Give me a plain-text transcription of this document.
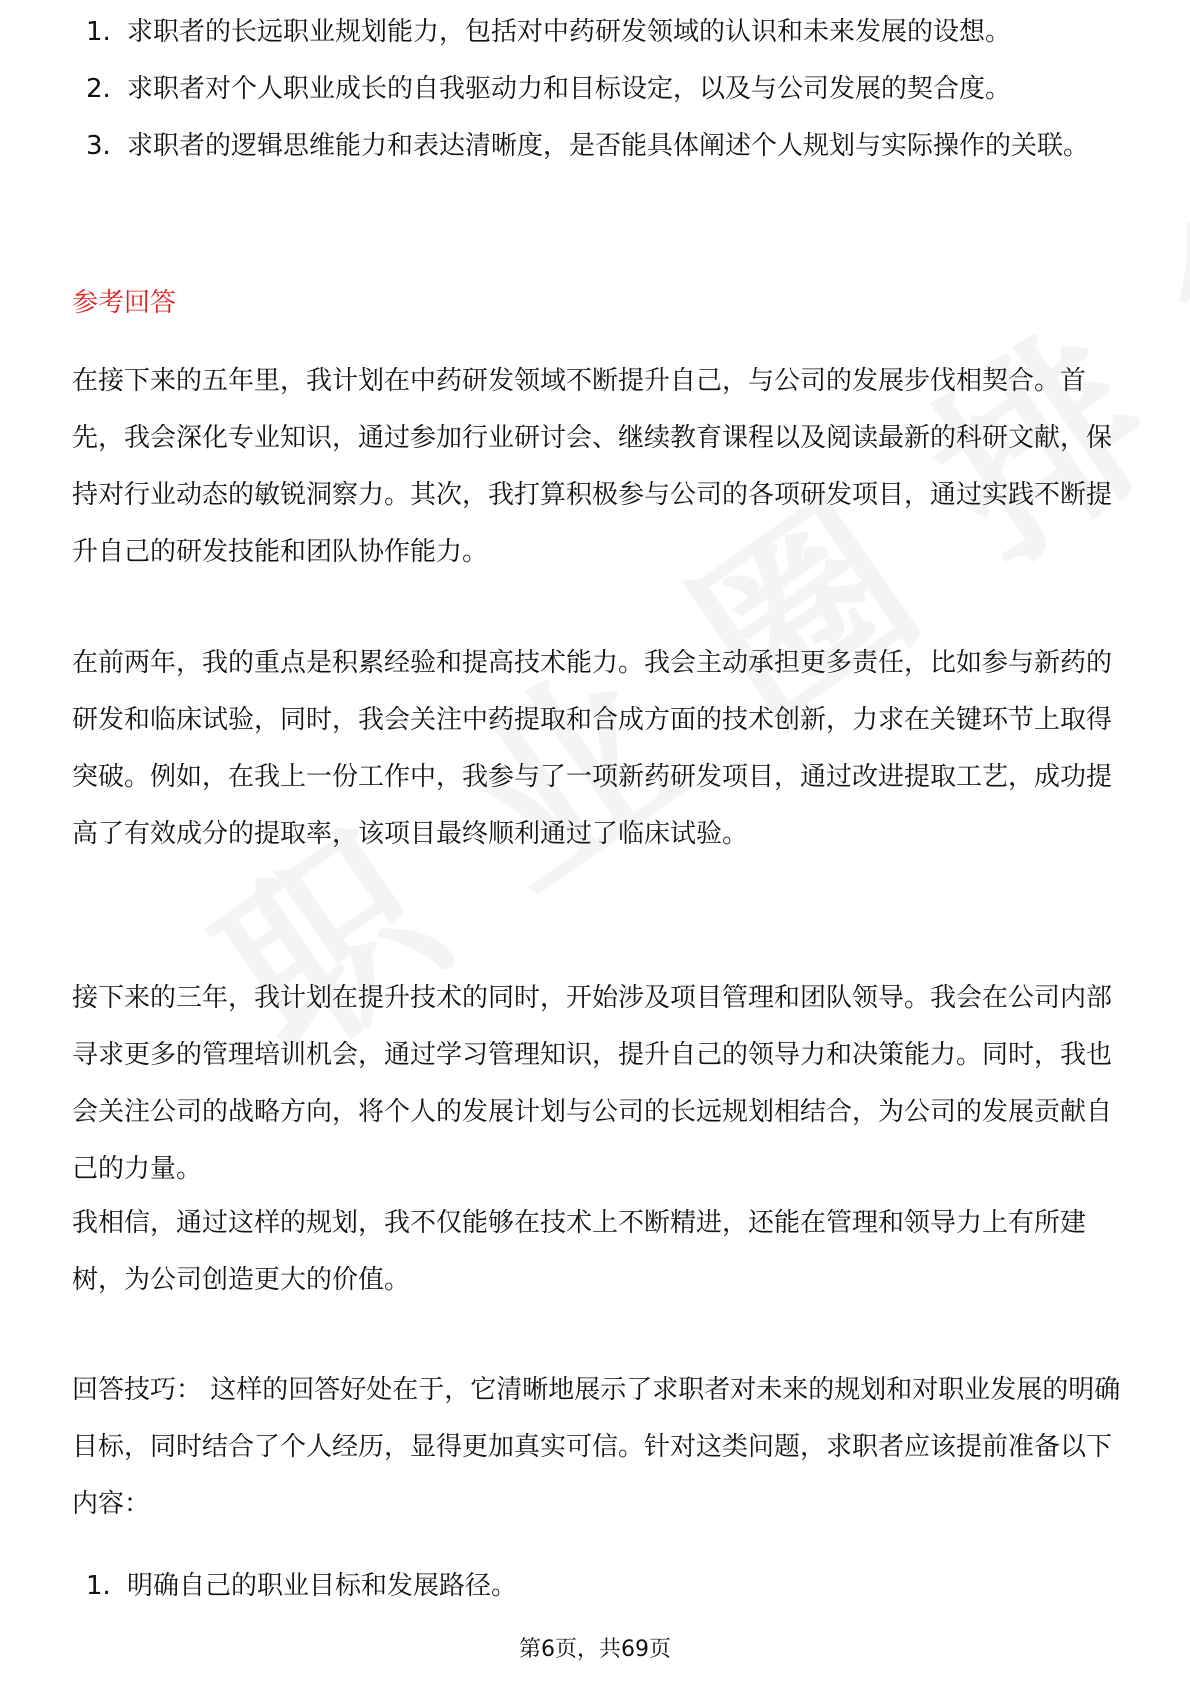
1. 求职者的长远职业规划能力，包括对中药研发领域的认识和未来发展的设想。
2. 求职者对个人职业成长的自我驱动力和目标设定，以及与公司发展的契合度。
3. 求职者的逻辑思维能力和表达清晰度，是否能具体阐述个人规划与实际操作的关联。
参考回答

在接下来的五年里，我计划在中药研发领域不断提升自己，与公司的发展步伐相契合。首先，我会深化专业知识，通过参加行业研讨会、继续教育课程以及阅读最新的科研文献，保持对行业动态的敏锐洞察力。其次，我打算积极参与公司的各项研发项目，通过实践不断提升自己的研发技能和团队协作能力。

在前两年，我的重点是积累经验和提高技术能力。我会主动承担更多责任，比如参与新药的研发和临床试验，同时，我会关注中药提取和合成方面的技术创新，力求在关键环节上取得突破。例如，在我上一份工作中，我参与了一项新药研发项目，通过改进提取工艺，成功提高了有效成分的提取率，该项目最终顺利通过了临床试验。

接下来的三年，我计划在提升技术的同时，开始涉及项目管理和团队领导。我会在公司内部寻求更多的管理培训机会，通过学习管理知识，提升自己的领导力和决策能力。同时，我也会关注公司的战略方向，将个人的发展计划与公司的长远规划相结合，为公司的发展贡献自己的力量。

我相信，通过这样的规划，我不仅能够在技术上不断精进，还能在管理和领导力上有所建树，为公司创造更大的价值。

回答技巧： 这样的回答好处在于，它清晰地展示了求职者对未来的规划和对职业发展的明确目标，同时结合了个人经历，显得更加真实可信。针对这类问题，求职者应该提前准备以下内容：

1. 明确自己的职业目标和发展路径。
第6页，共69页
